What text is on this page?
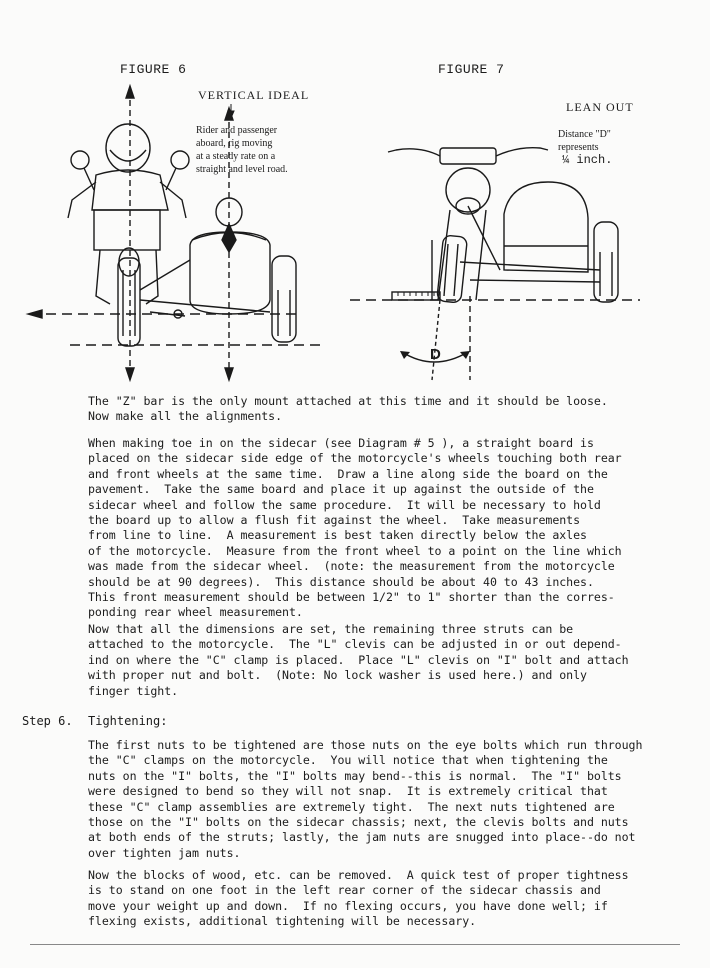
FIGURE 6	FIGURE 7
VERTICAL IDEAL
Rider and passenger
aboard, rig moving
at a steady rate on a
straight and level road.
LEAN OUT
Distance "D"
represents
¼ inch.
D
The "Z" bar is the only mount attached at this time and it should be loose.
Now make all the alignments.
When making toe in on the sidecar (see Diagram # 5 ), a straight board is
placed on the sidecar side edge of the motorcycle's wheels touching both rear
and front wheels at the same time.  Draw a line along side the board on the
pavement.  Take the same board and place it up against the outside of the
sidecar wheel and follow the same procedure.  It will be necessary to hold
the board up to allow a flush fit against the wheel.  Take measurements
from line to line.  A measurement is best taken directly below the axles
of the motorcycle.  Measure from the front wheel to a point on the line which
was made from the sidecar wheel.  (note: the measurement from the motorcycle
should be at 90 degrees).  This distance should be about 40 to 43 inches.
This front measurement should be between 1/2" to 1" shorter than the corres-
ponding rear wheel measurement.
Now that all the dimensions are set, the remaining three struts can be
attached to the motorcycle.  The "L" clevis can be adjusted in or out depend-
ind on where the "C" clamp is placed.  Place "L" clevis on "I" bolt and attach
with proper nut and bolt.  (Note: No lock washer is used here.) and only
finger tight.
Step 6. Tightening:
The first nuts to be tightened are those nuts on the eye bolts which run through
the "C" clamps on the motorcycle.  You will notice that when tightening the
nuts on the "I" bolts, the "I" bolts may bend--this is normal.  The "I" bolts
were designed to bend so they will not snap.  It is extremely critical that
these "C" clamp assemblies are extremely tight.  The next nuts tightened are
those on the "I" bolts on the sidecar chassis; next, the clevis bolts and nuts
at both ends of the struts; lastly, the jam nuts are snugged into place--do not
over tighten jam nuts.
Now the blocks of wood, etc. can be removed.  A quick test of proper tightness
is to stand on one foot in the left rear corner of the sidecar chassis and
move your weight up and down.  If no flexing occurs, you have done well; if
flexing exists, additional tightening will be necessary.
